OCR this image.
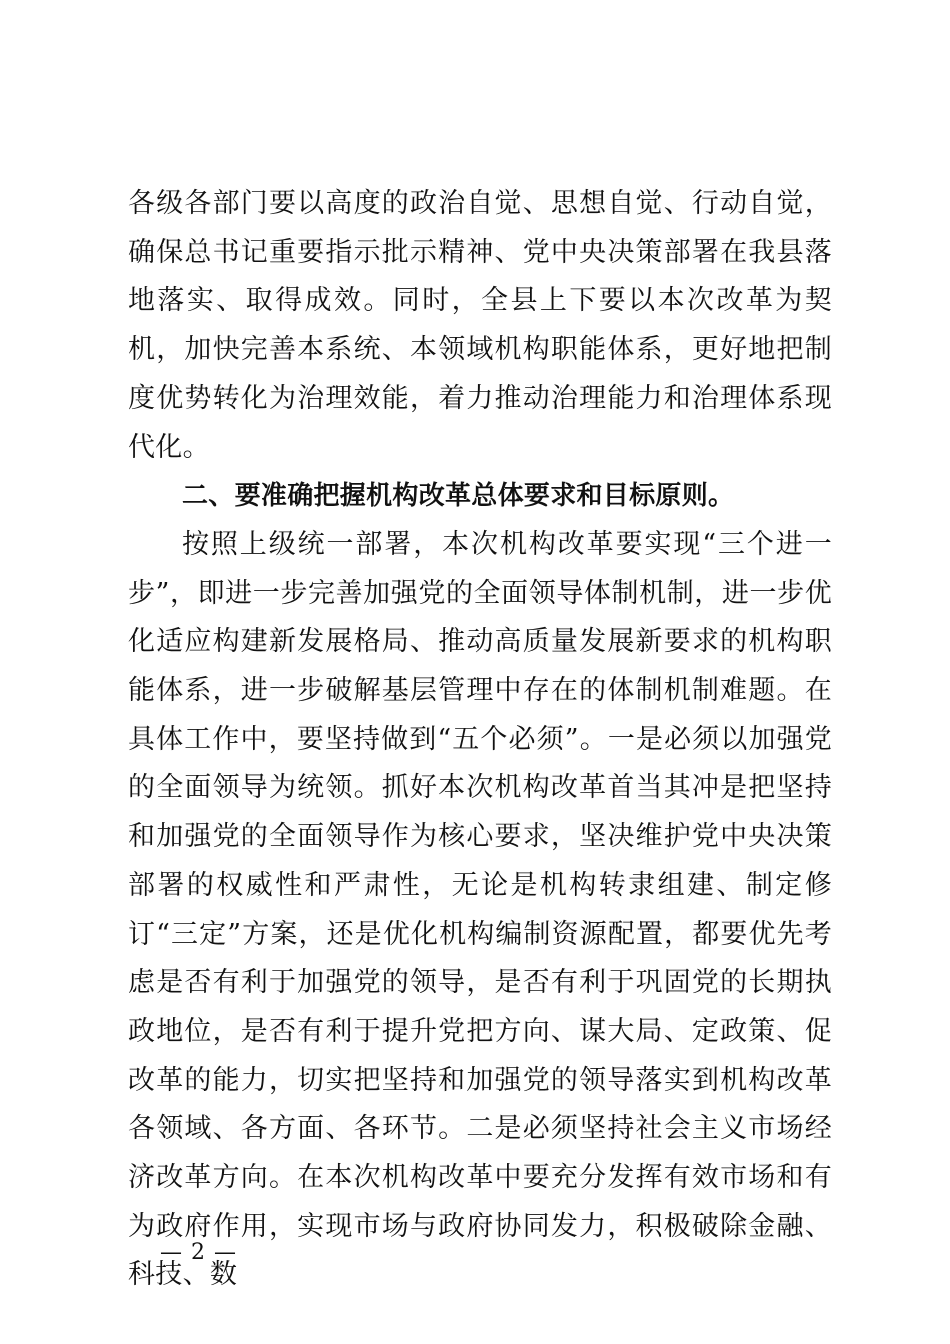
各级各部门要以高度的政治自觉、思想自觉、行动自觉，确保总书记重要指示批示精神、党中央决策部署在我县落地落实、取得成效。同时，全县上下要以本次改革为契机，加快完善本系统、本领域机构职能体系，更好地把制度优势转化为治理效能，着力推动治理能力和治理体系现代化。

二、要准确把握机构改革总体要求和目标原则。

按照上级统一部署，本次机构改革要实现“三个进一步”，即进一步完善加强党的全面领导体制机制，进一步优化适应构建新发展格局、推动高质量发展新要求的机构职能体系，进一步破解基层管理中存在的体制机制难题。在具体工作中，要坚持做到“五个必须”。一是必须以加强党的全面领导为统领。抓好本次机构改革首当其冲是把坚持和加强党的全面领导作为核心要求，坚决维护党中央决策部署的权威性和严肃性，无论是机构转隶组建、制定修订“三定”方案，还是优化机构编制资源配置，都要优先考虑是否有利于加强党的领导，是否有利于巩固党的长期执政地位，是否有利于提升党把方向、谋大局、定政策、促改革的能力，切实把坚持和加强党的领导落实到机构改革各领域、各方面、各环节。二是必须坚持社会主义市场经济改革方向。在本次机构改革中要充分发挥有效市场和有为政府作用，实现市场与政府协同发力，积极破除金融、科技、数

— 2 —
